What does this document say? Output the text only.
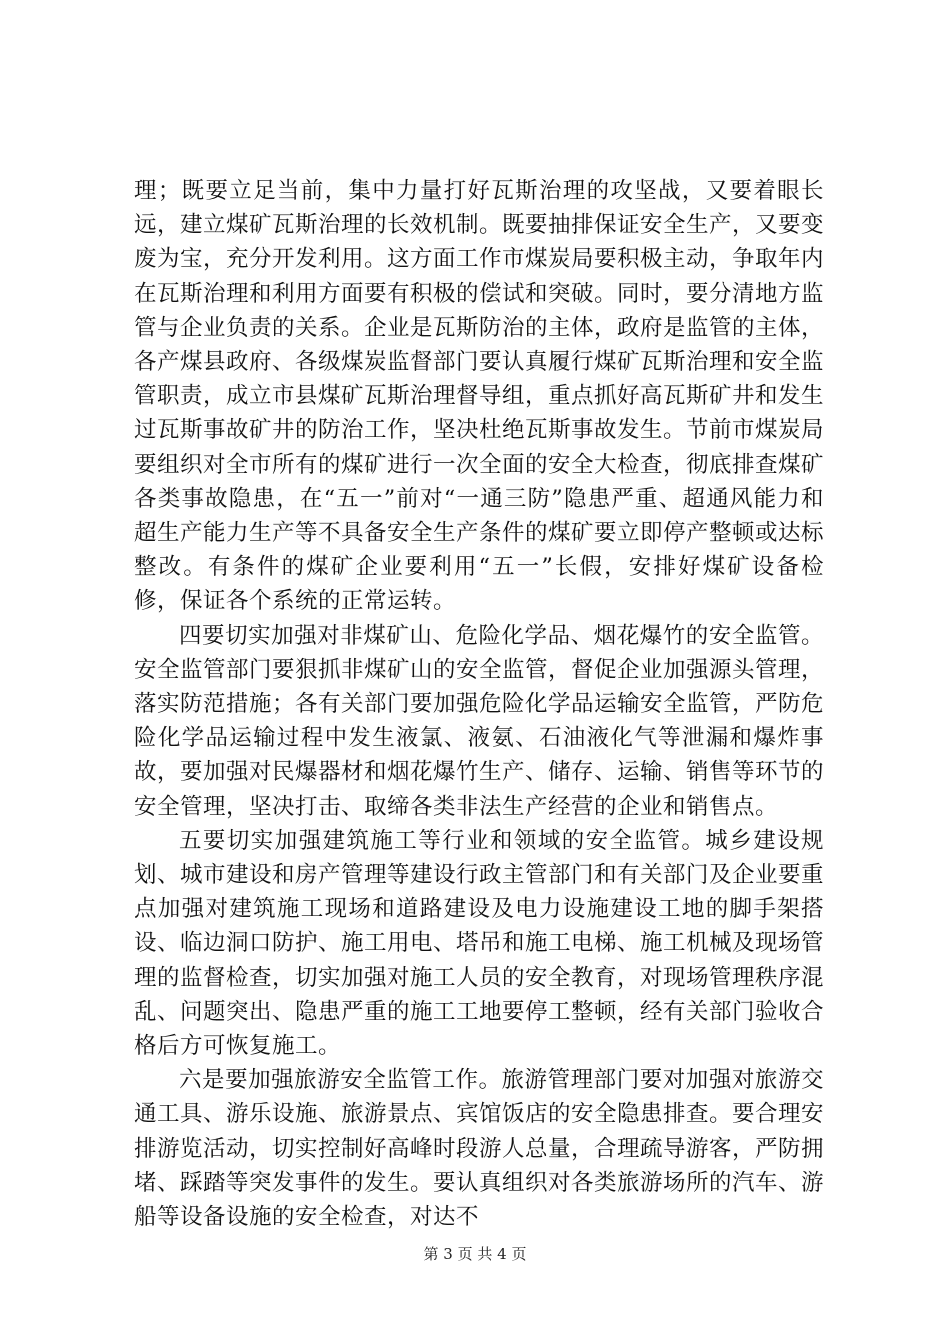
理；既要立足当前，集中力量打好瓦斯治理的攻坚战，又要着眼长远，建立煤矿瓦斯治理的长效机制。既要抽排保证安全生产，又要变废为宝，充分开发利用。这方面工作市煤炭局要积极主动，争取年内在瓦斯治理和利用方面要有积极的偿试和突破。同时，要分清地方监管与企业负责的关系。企业是瓦斯防治的主体，政府是监管的主体，各产煤县政府、各级煤炭监督部门要认真履行煤矿瓦斯治理和安全监管职责，成立市县煤矿瓦斯治理督导组，重点抓好高瓦斯矿井和发生过瓦斯事故矿井的防治工作，坚决杜绝瓦斯事故发生。节前市煤炭局要组织对全市所有的煤矿进行一次全面的安全大检查，彻底排查煤矿各类事故隐患，在“五一”前对“一通三防”隐患严重、超通风能力和超生产能力生产等不具备安全生产条件的煤矿要立即停产整顿或达标整改。有条件的煤矿企业要利用“五一”长假，安排好煤矿设备检修，保证各个系统的正常运转。

四要切实加强对非煤矿山、危险化学品、烟花爆竹的安全监管。安全监管部门要狠抓非煤矿山的安全监管，督促企业加强源头管理，落实防范措施；各有关部门要加强危险化学品运输安全监管，严防危险化学品运输过程中发生液氯、液氨、石油液化气等泄漏和爆炸事故，要加强对民爆器材和烟花爆竹生产、储存、运输、销售等环节的安全管理，坚决打击、取缔各类非法生产经营的企业和销售点。

五要切实加强建筑施工等行业和领域的安全监管。城乡建设规划、城市建设和房产管理等建设行政主管部门和有关部门及企业要重点加强对建筑施工现场和道路建设及电力设施建设工地的脚手架搭设、临边洞口防护、施工用电、塔吊和施工电梯、施工机械及现场管理的监督检查，切实加强对施工人员的安全教育，对现场管理秩序混乱、问题突出、隐患严重的施工工地要停工整顿，经有关部门验收合格后方可恢复施工。

六是要加强旅游安全监管工作。旅游管理部门要对加强对旅游交通工具、游乐设施、旅游景点、宾馆饭店的安全隐患排查。要合理安排游览活动，切实控制好高峰时段游人总量，合理疏导游客，严防拥堵、踩踏等突发事件的发生。要认真组织对各类旅游场所的汽车、游船等设备设施的安全检查，对达不

第 3 页 共 4 页
